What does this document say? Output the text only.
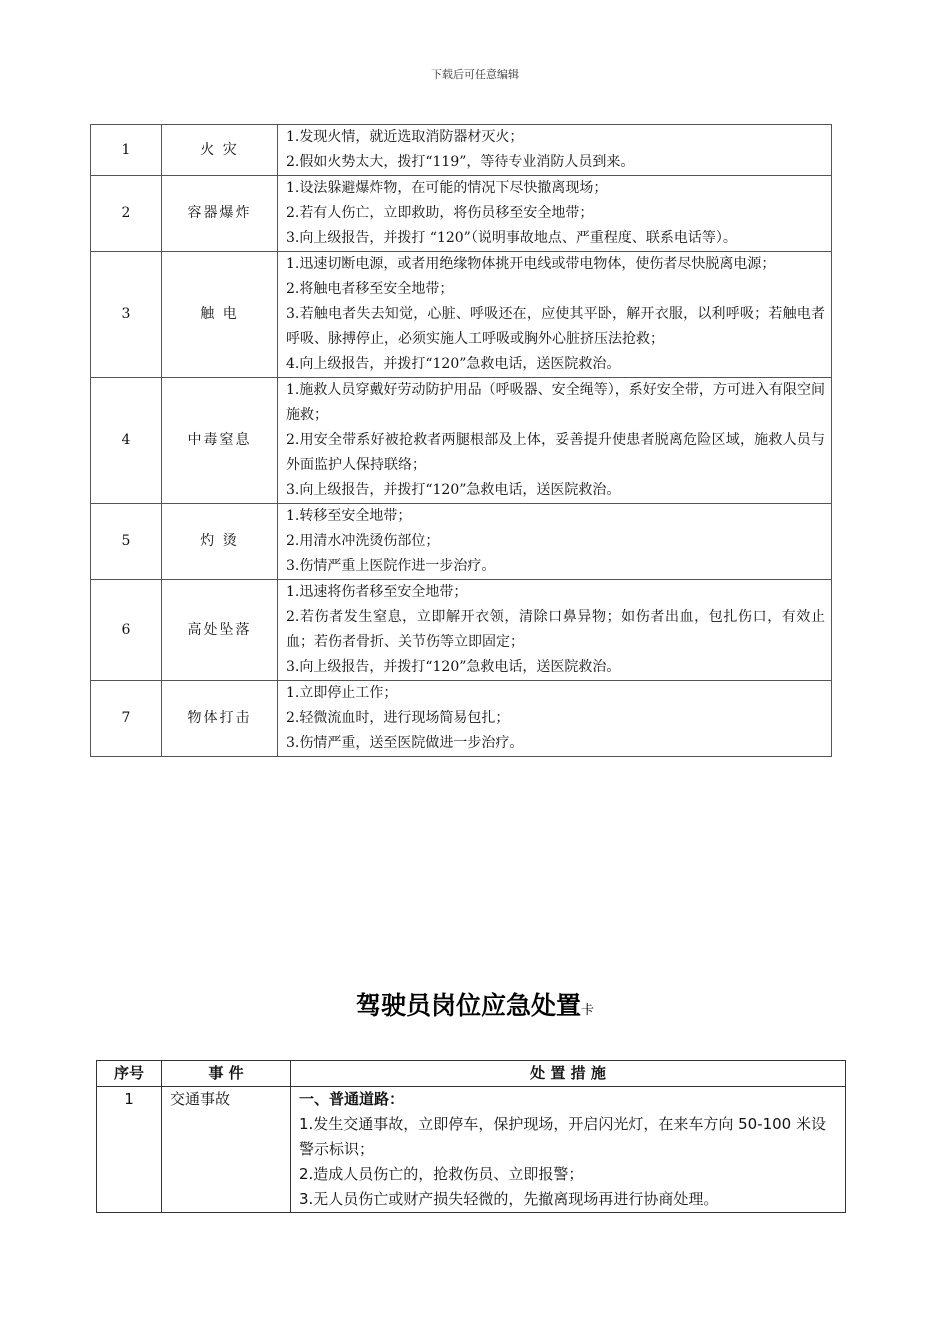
下载后可任意编辑
1	火 灾	1.发现火情，就近选取消防器材灭火；
2.假如火势太大，拨打“119”，等待专业消防人员到来。

2	容器爆炸	1.设法躲避爆炸物，在可能的情况下尽快撤离现场；
2.若有人伤亡，立即救助，将伤员移至安全地带；
3.向上级报告，并拨打 “120”（说明事故地点、严重程度、联系电话等）。

3	触 电	1.迅速切断电源，或者用绝缘物体挑开电线或带电物体，使伤者尽快脱离电源；
2.将触电者移至安全地带；
3.若触电者失去知觉，心脏、呼吸还在，应使其平卧，解开衣服，以利呼吸；若触电者呼吸、脉搏停止，必须实施人工呼吸或胸外心脏挤压法抢救；
4.向上级报告，并拨打“120”急救电话，送医院救治。

4	中毒窒息	1.施救人员穿戴好劳动防护用品（呼吸器、安全绳等），系好安全带，方可进入有限空间施救；
2.用安全带系好被抢救者两腿根部及上体，妥善提升使患者脱离危险区域，施救人员与外面监护人保持联络；
3.向上级报告，并拨打“120”急救电话，送医院救治。

5	灼 烫	1.转移至安全地带；
2.用清水冲洗烫伤部位；
3.伤情严重上医院作进一步治疗。

6	高处坠落	1.迅速将伤者移至安全地带；
2.若伤者发生窒息，立即解开衣领，清除口鼻异物；如伤者出血，包扎伤口，有效止血；若伤者骨折、关节伤等立即固定；
3.向上级报告，并拨打“120”急救电话，送医院救治。

7	物体打击	1.立即停止工作；
2.轻微流血时，进行现场简易包扎；
3.伤情严重，送至医院做进一步治疗。
驾驶员岗位应急处置卡
序号	事 件	处 置 措 施
1	交通事故	一、普通道路：
1.发生交通事故，立即停车，保护现场，开启闪光灯，在来车方向 50-100 米设警示标识；
2.造成人员伤亡的，抢救伤员、立即报警；
3.无人员伤亡或财产损失轻微的，先撤离现场再进行协商处理。
